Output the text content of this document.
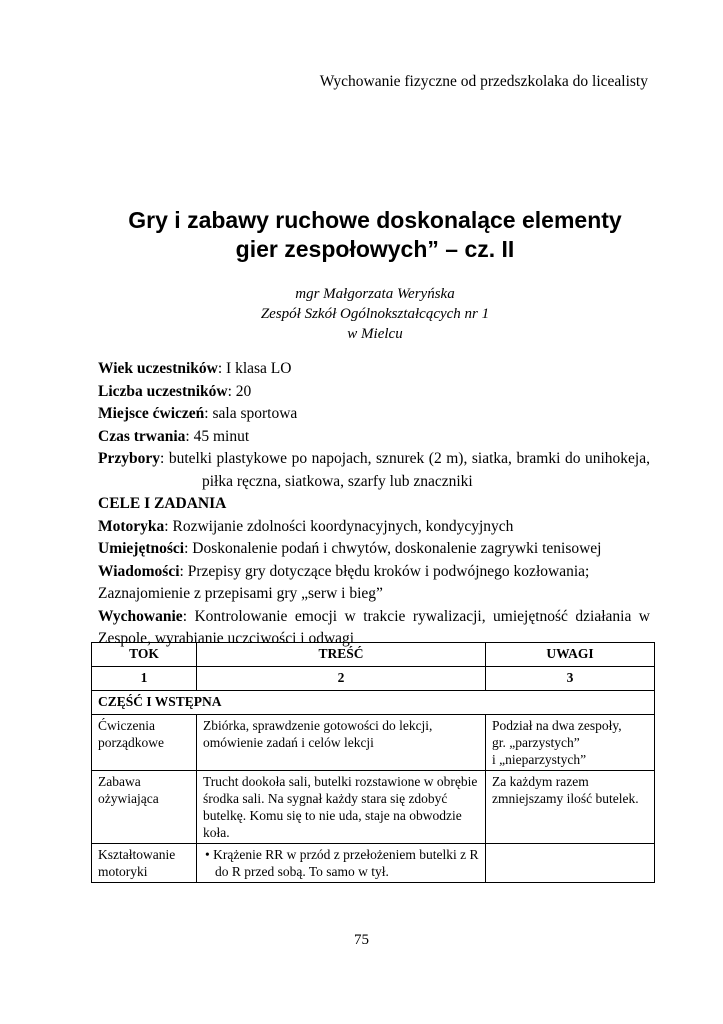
Wychowanie fizyczne od przedszkolaka do licealisty
Gry i zabawy ruchowe doskonalące elementy
gier zespołowych” – cz. II
mgr Małgorzata Weryńska
Zespół Szkół Ogólnokształcących nr 1
w Mielcu

Wiek uczestników: I klasa LO

Liczba uczestników: 20

Miejsce ćwiczeń: sala sportowa

Czas trwania: 45 minut

Przybory: butelki plastykowe po napojach, sznurek (2 m), siatka, bramki do unihokeja, piłka ręczna, siatkowa, szarfy lub znaczniki

CELE I ZADANIA

Motoryka: Rozwijanie zdolności koordynacyjnych, kondycyjnych

Umiejętności: Doskonalenie podań i chwytów, doskonalenie zagrywki tenisowej

Wiadomości: Przepisy gry dotyczące błędu kroków i podwójnego kozłowania;

Zaznajomienie z przepisami gry „serw i bieg”

Wychowanie: Kontrolowanie emocji w trakcie rywalizacji, umiejętność działania w Zespole, wyrabianie uczciwości i odwagi

TOK	TREŚĆ	UWAGI
1	2	3
CZĘŚĆ I WSTĘPNA		
Ćwiczenia porządkowe	Zbiórka, sprawdzenie gotowości do lekcji, omówienie zadań i celów lekcji	Podział na dwa zespoły,
gr. „parzystych”
i „nieparzystych”

Zabawa ożywiająca	Trucht dookoła sali, butelki rozstawione w obrębie środka sali. Na sygnał każdy stara się zdobyć butelkę. Komu się to nie uda, staje na obwodzie koła.	Za każdym razem zmniejszamy ilość butelek.
Kształtowanie motoryki	• Krążenie RR w przód z przełożeniem butelki z R do R przed sobą. To samo w tył.	

75
